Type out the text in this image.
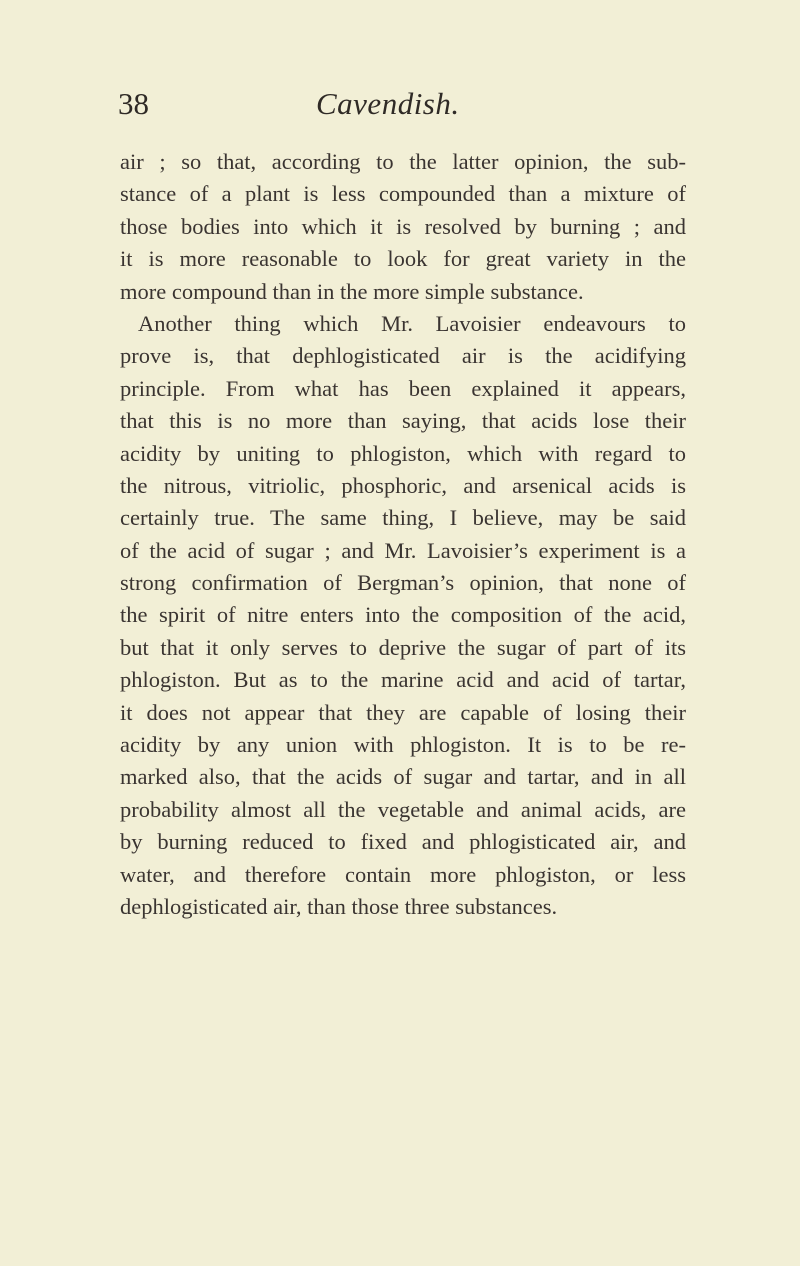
38	Cavendish.
air ; so that, according to the latter opinion, the sub-
stance of a plant is less compounded than a mixture of
those bodies into which it is resolved by burning ; and
it is more reasonable to look for great variety in the
more compound than in the more simple substance.
Another thing which Mr. Lavoisier endeavours to
prove is, that dephlogisticated air is the acidifying
principle. From what has been explained it appears,
that this is no more than saying, that acids lose their
acidity by uniting to phlogiston, which with regard to
the nitrous, vitriolic, phosphoric, and arsenical acids is
certainly true. The same thing, I believe, may be said
of the acid of sugar ; and Mr. Lavoisier’s experiment is a
strong confirmation of Bergman’s opinion, that none of
the spirit of nitre enters into the composition of the acid,
but that it only serves to deprive the sugar of part of its
phlogiston. But as to the marine acid and acid of tartar,
it does not appear that they are capable of losing their
acidity by any union with phlogiston. It is to be re-
marked also, that the acids of sugar and tartar, and in all
probability almost all the vegetable and animal acids, are
by burning reduced to fixed and phlogisticated air, and
water, and therefore contain more phlogiston, or less
dephlogisticated air, than those three substances.
